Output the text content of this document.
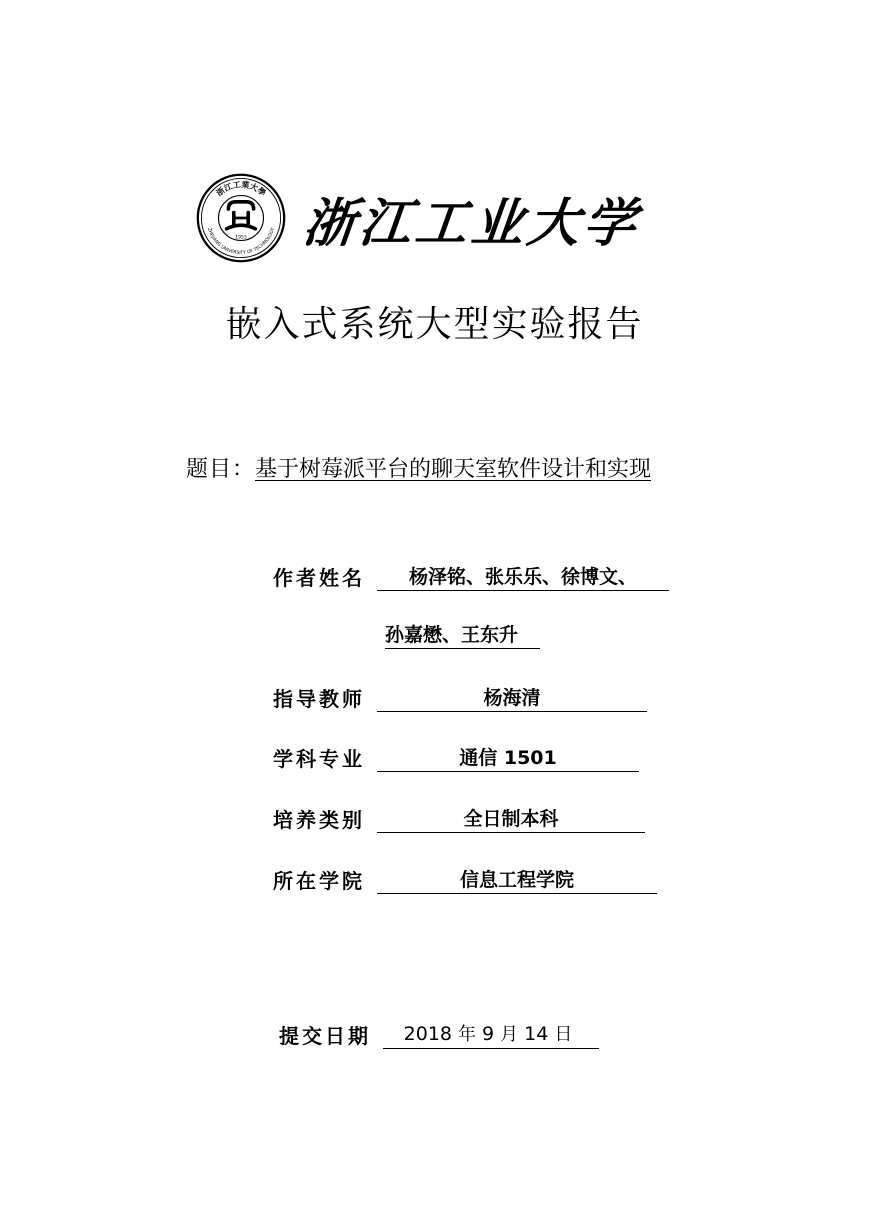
浙江工業大學
ZHEJIANG UNIVERSITY OF TECHNOLOGY
1953 浙江工业大学
嵌入式系统大型实验报告
题目：基于树莓派平台的聊天室软件设计和实现
作者姓名	杨泽铭、张乐乐、徐博文、
孙嘉懋、王东升
指导教师	杨海清
学科专业	通信 1501
培养类别	全日制本科
所在学院	信息工程学院
提交日期	2018 年 9 月 14 日
